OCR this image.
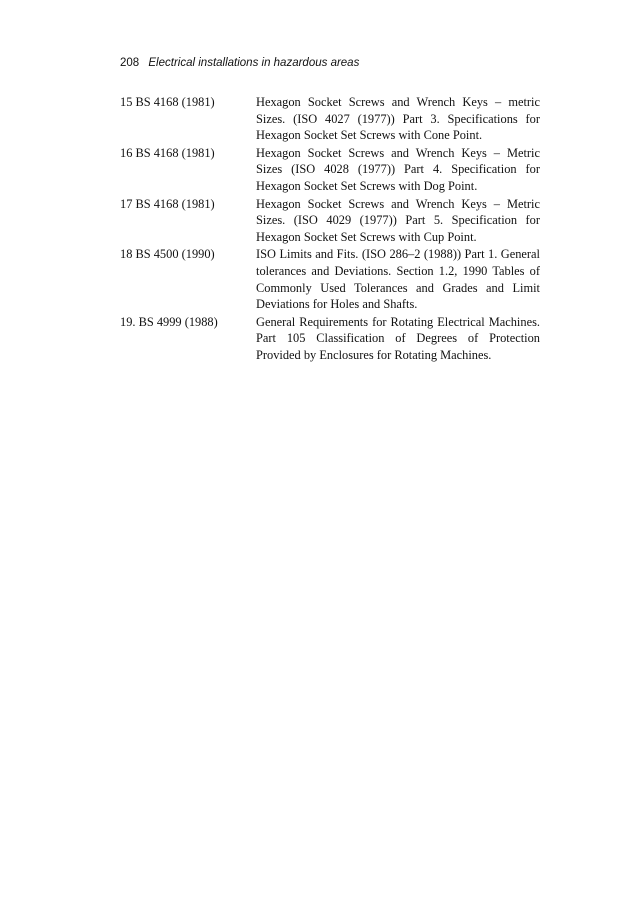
208 Electrical installations in hazardous areas
15 BS 4168 (1981)	Hexagon Socket Screws and Wrench Keys – metric Sizes. (ISO 4027 (1977)) Part 3. Specifications for Hexagon Socket Set Screws with Cone Point.
16 BS 4168 (1981)	Hexagon Socket Screws and Wrench Keys – Metric Sizes (ISO 4028 (1977)) Part 4. Specification for Hexagon Socket Set Screws with Dog Point.
17 BS 4168 (1981)	Hexagon Socket Screws and Wrench Keys – Metric Sizes. (ISO 4029 (1977)) Part 5. Specification for Hexagon Socket Set Screws with Cup Point.
18 BS 4500 (1990)	ISO Limits and Fits. (ISO 286–2 (1988)) Part 1. General tolerances and Deviations. Section 1.2, 1990 Tables of Commonly Used Tolerances and Grades and Limit Deviations for Holes and Shafts.
19. BS 4999 (1988)	General Requirements for Rotating Electrical Machines. Part 105 Classification of Degrees of Protection Provided by Enclosures for Rotating Machines.
